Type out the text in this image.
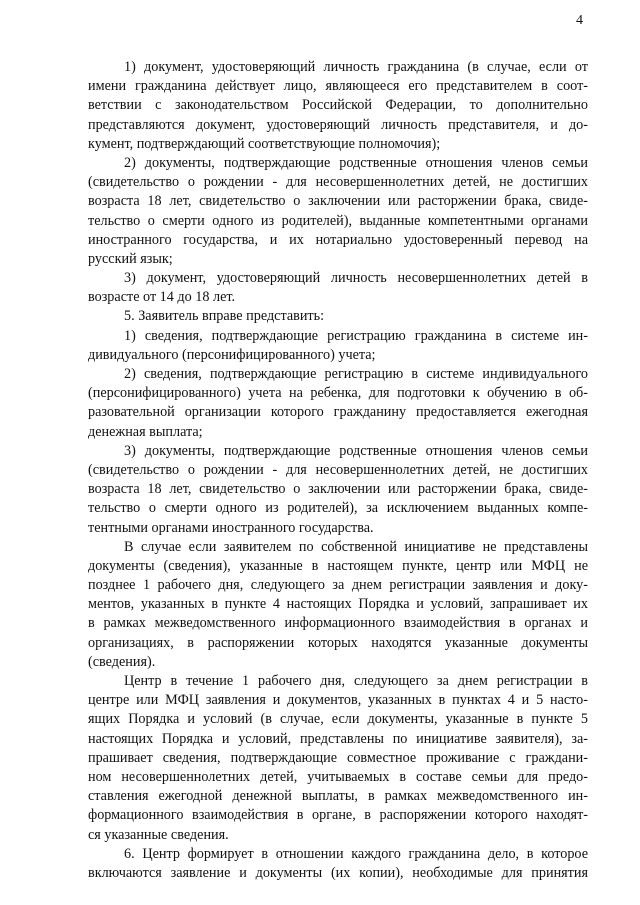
4
1) документ, удостоверяющий личность гражданина (в случае, если от
имени гражданина действует лицо, являющееся его представителем в соот-
ветствии с законодательством Российской Федерации, то дополнительно
представляются документ, удостоверяющий личность представителя, и до-
кумент, подтверждающий соответствующие полномочия);
2) документы, подтверждающие родственные отношения членов семьи
(свидетельство о рождении - для несовершеннолетних детей, не достигших
возраста 18 лет, свидетельство о заключении или расторжении брака, свиде-
тельство о смерти одного из родителей), выданные компетентными органами
иностранного государства, и их нотариально удостоверенный перевод на
русский язык;
3) документ, удостоверяющий личность несовершеннолетних детей в
возрасте от 14 до 18 лет.
5. Заявитель вправе представить:
1) сведения, подтверждающие регистрацию гражданина в системе ин-
дивидуального (персонифицированного) учета;
2) сведения, подтверждающие регистрацию в системе индивидуального
(персонифицированного) учета на ребенка, для подготовки к обучению в об-
разовательной организации которого гражданину предоставляется ежегодная
денежная выплата;
3) документы, подтверждающие родственные отношения членов семьи
(свидетельство о рождении - для несовершеннолетних детей, не достигших
возраста 18 лет, свидетельство о заключении или расторжении брака, свиде-
тельство о смерти одного из родителей), за исключением выданных компе-
тентными органами иностранного государства.
В случае если заявителем по собственной инициативе не представлены
документы (сведения), указанные в настоящем пункте, центр или МФЦ не
позднее 1 рабочего дня, следующего за днем регистрации заявления и доку-
ментов, указанных в пункте 4 настоящих Порядка и условий, запрашивает их
в рамках межведомственного информационного взаимодействия в органах и
организациях, в распоряжении которых находятся указанные документы
(сведения).
Центр в течение 1 рабочего дня, следующего за днем регистрации в
центре или МФЦ заявления и документов, указанных в пунктах 4 и 5 насто-
ящих Порядка и условий (в случае, если документы, указанные в пункте 5
настоящих Порядка и условий, представлены по инициативе заявителя), за-
прашивает сведения, подтверждающие совместное проживание с граждани-
ном несовершеннолетних детей, учитываемых в составе семьи для предо-
ставления ежегодной денежной выплаты, в рамках межведомственного ин-
формационного взаимодействия в органе, в распоряжении которого находят-
ся указанные сведения.
6. Центр формирует в отношении каждого гражданина дело, в которое
включаются заявление и документы (их копии), необходимые для принятия
